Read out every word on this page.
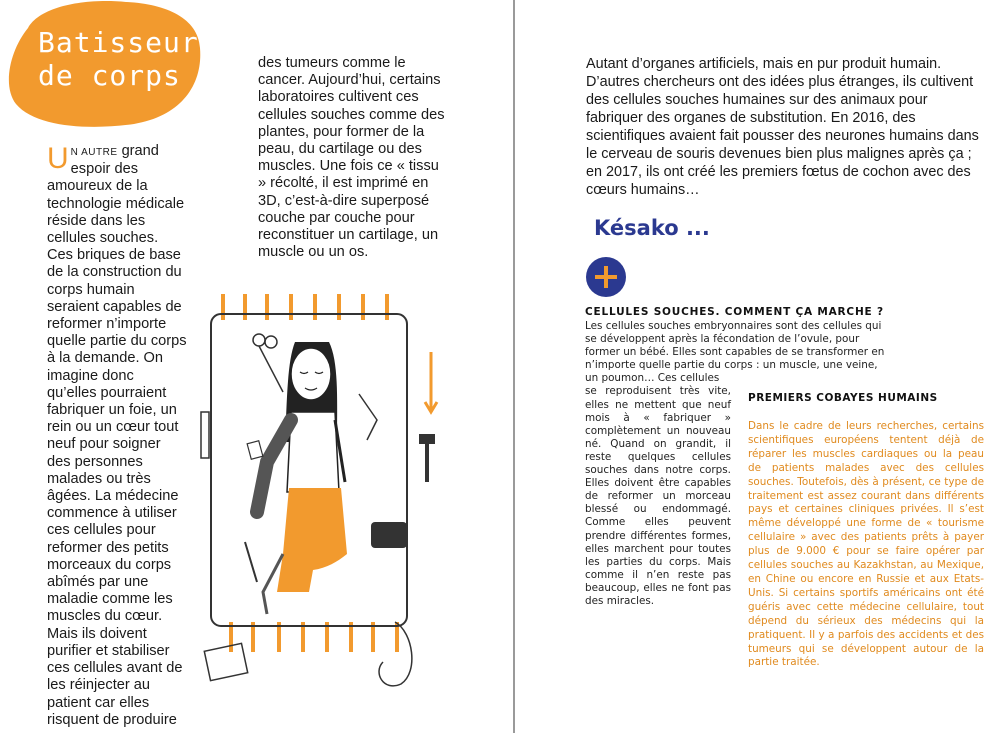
Batisseurs
de corps
U N AUTRE grand espoir des amoureux de la technologie médicale réside dans les cellules souches. Ces briques de base de la construction du corps humain seraient capables de reformer n’importe quelle partie du corps à la demande. On imagine donc qu’elles pourraient fabriquer un foie, un rein ou un cœur tout neuf pour soigner des personnes malades ou très âgées. La médecine commence à utiliser ces cellules pour reformer des petits morceaux du corps abîmés par une maladie comme les muscles du cœur. Mais ils doivent purifier et stabiliser ces cellules avant de les réinjecter au patient car elles risquent de produire

des tumeurs comme le cancer. Aujourd’hui, certains laboratoires cultivent ces cellules souches comme des plantes, pour former de la peau, du cartilage ou des muscles. Une fois ce « tissu » récolté, il est imprimé en 3D, c’est-à-dire superposé couche par couche pour reconstituer un cartilage, un muscle ou un os.

Autant d’organes artificiels, mais en pur produit humain. D’autres chercheurs ont des idées plus étranges, ils cultivent des cellules souches humaines sur des animaux pour fabriquer des organes de substitution. En 2016, des scientifiques avaient fait pousser des neurones humains dans le cerveau de souris devenues bien plus malignes après ça ; en 2017, ils ont créé les premiers fœtus de cochon avec des cœurs humains…

Késako ...
CELLULES SOUCHES. COMMENT ÇA MARCHE ?
Les cellules souches embryonnaires sont des cellules qui
se développent après la fécondation de l’ovule, pour
former un bébé. Elles sont capables de se transformer en
n’importe quelle partie du corps : un muscle, une veine,
un poumon… Ces cellules
se reproduisent très vite, elles ne mettent que neuf mois à « fabriquer » complètement un nouveau né. Quand on grandit, il reste quelques cellules souches dans notre corps. Elles doivent être capables de reformer un morceau blessé ou endommagé. Comme elles peuvent prendre différentes formes, elles marchent pour toutes les parties du corps. Mais comme il n’en reste pas beaucoup, elles ne font pas des miracles.
PREMIERS COBAYES HUMAINS
Dans le cadre de leurs recherches, certains scientifiques européens tentent déjà de réparer les muscles cardiaques ou la peau de patients malades avec des cellules souches. Toutefois, dès à présent, ce type de traitement est assez courant dans différents pays et certaines cliniques privées. Il s’est même développé une forme de « tourisme cellulaire » avec des patients prêts à payer plus de 9.000 € pour se faire opérer par cellules souches au Kazakhstan, au Mexique, en Chine ou encore en Russie et aux Etats-Unis. Si certains sportifs américains ont été guéris avec cette médecine cellulaire, tout dépend du sérieux des médecins qui la pratiquent. Il y a parfois des accidents et des tumeurs qui se développent autour de la partie traitée.
